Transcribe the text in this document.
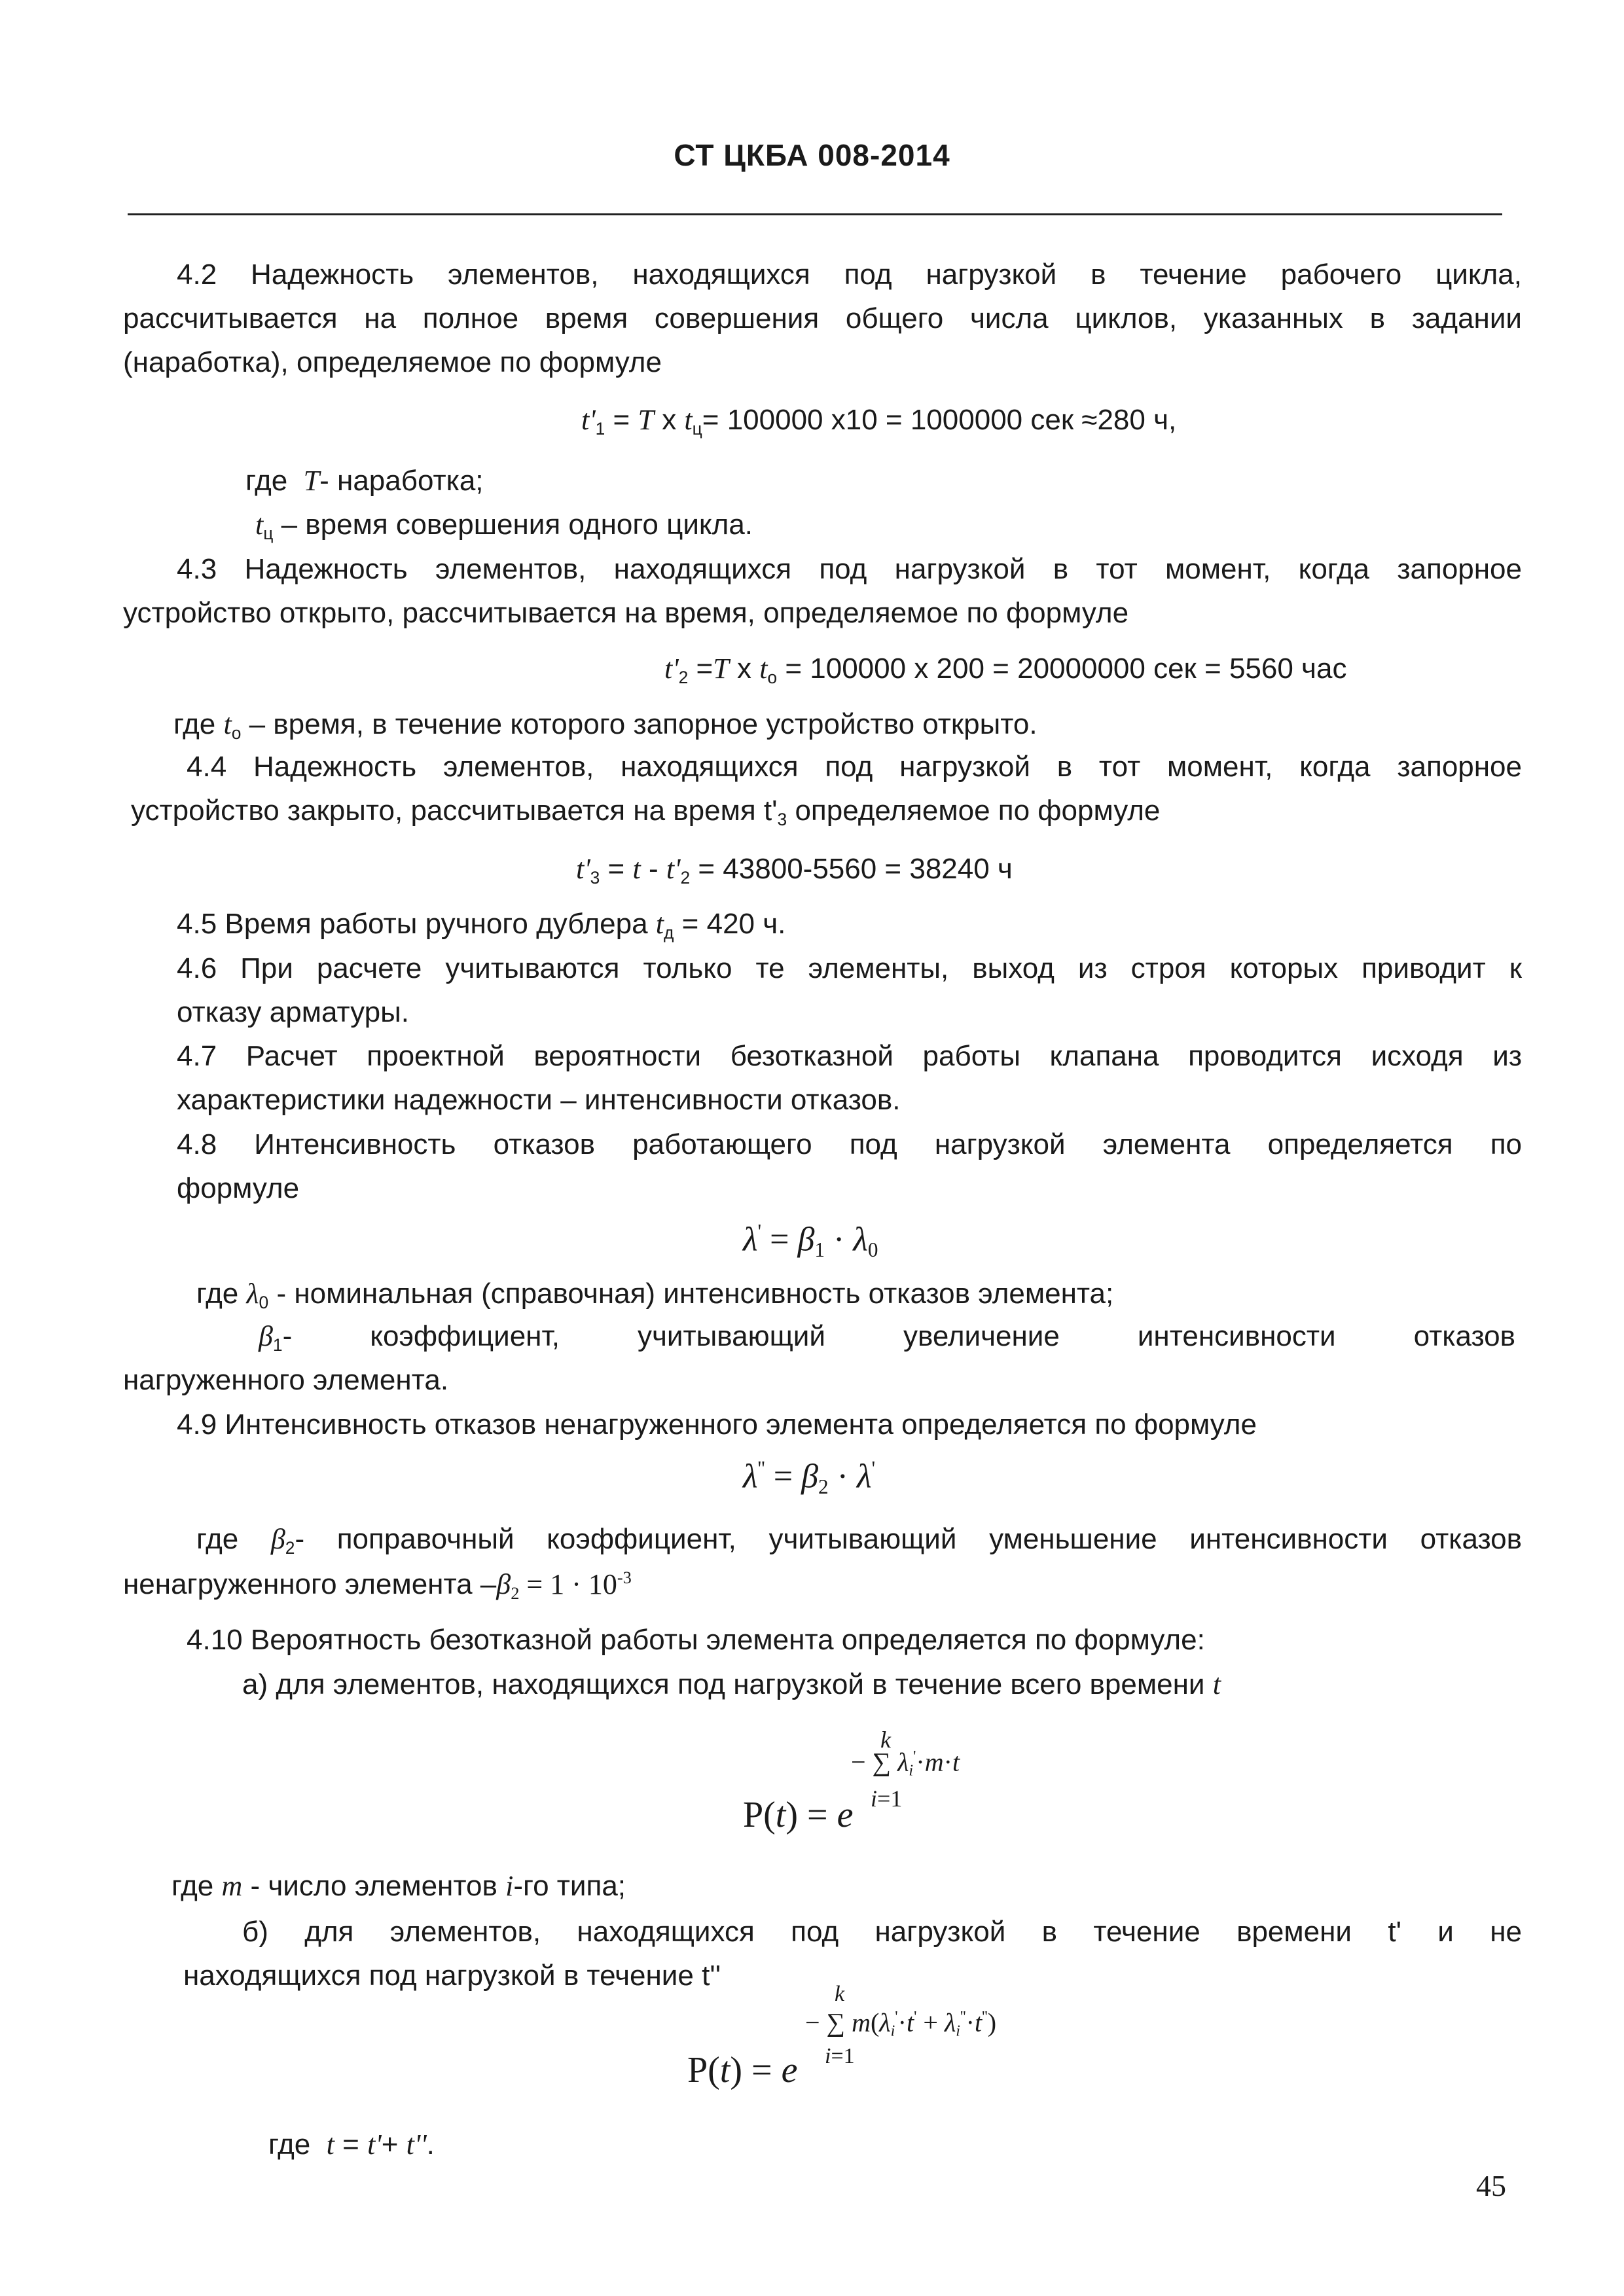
СТ ЦКБА 008-2014
4.2 Надежность элементов, находящихся под нагрузкой в течение рабочего цикла,
рассчитывается на полное время совершения общего числа циклов, указанных в задании
(наработка), определяемое по формуле
$t'_1 = T$ х $t_ц= 100000$ х10 = 1000000 сек ≈280 ч,
где T- наработка;
$t_ц$ – время совершения одного цикла.
4.3 Надежность элементов, находящихся под нагрузкой в тот момент, когда запорное
устройство открыто, рассчитывается на время, определяемое по формуле
$t'_2 =T$ х $t_о = 100000$ х 200 = 20000000 сек = 5560 час
где $t_о$ – время, в течение которого запорное устройство открыто.
4.4 Надежность элементов, находящихся под нагрузкой в тот момент, когда запорное
устройство закрыто, рассчитывается на время $t'_3$ определяемое по формуле
$t'_3 = t - t'_2 = 43800-5560 = 38240$ ч
4.5 Время работы ручного дублера $t_д = 420$ ч.
4.6 При расчете учитываются только те элементы, выход из строя которых приводит к
отказу арматуры.
4.7 Расчет проектной вероятности безотказной работы клапана проводится исходя из
характеристики надежности – интенсивности отказов.
4.8 Интенсивность отказов работающего под нагрузкой элемента определяется по
формуле
$\lambda' = \beta_1 \cdot \lambda_0$
где $\lambda_0$ - номинальная (справочная) интенсивность отказов элемента;
$\beta_1-$ коэффициент, учитывающий увеличение интенсивности отказов
нагруженного элемента.
4.9 Интенсивность отказов ненагруженного элемента определяется по формуле
$\lambda'' = \beta_2 \cdot \lambda'$
где $\beta_2-$ поправочный коэффициент, учитывающий уменьшение интенсивности отказов
ненагруженного элемента $-\beta_2 = 1 \cdot 10^{-3}$
4.10 Вероятность безотказной работы элемента определяется по формуле:
а) для элементов, находящихся под нагрузкой в течение всего времени t
P(t) = e
k
− ∑ $\lambda_i'\cdot m\cdot t$
i=1
где m - число элементов i-го типа;
б) для элементов, находящихся под нагрузкой в течение времени t' и не
находящихся под нагрузкой в течение t''
P(t) = e
k
− ∑ $m(\lambda_i'\cdot t' + \lambda_i''\cdot t'')$
i=1
где t = t'+ t''.
45
